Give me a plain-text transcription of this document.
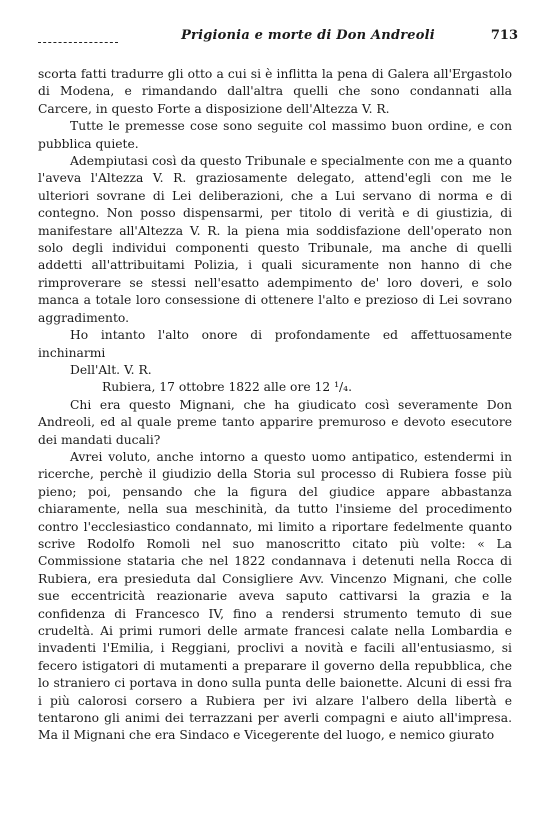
Prigionia e morte di Don Andreoli	713

scorta fatti tradurre gli otto a cui si è inflitta la pena di Galera all'Ergastolo di Modena, e rimandando dall'altra quelli che sono condannati alla Carcere, in questo Forte a disposizione dell'Altezza V. R.

Tutte le premesse cose sono seguite col massimo buon ordine, e con pubblica quiete.

Adempiutasi così da questo Tribunale e specialmente con me a quanto l'aveva l'Altezza V. R. graziosamente delegato, attend'egli con me le ulteriori sovrane di Lei deliberazioni, che a Lui servano di norma e di contegno. Non posso dispensarmi, per titolo di verità e di giustizia, di manifestare all'Altezza V. R. la piena mia soddisfazione dell'operato non solo degli individui componenti questo Tribunale, ma anche di quelli addetti all'attribuitami Polizia, i quali sicuramente non hanno di che rimproverare se stessi nell'esatto adempimento de' loro doveri, e solo manca a totale loro consessione di ottenere l'alto e prezioso di Lei sovrano aggradimento.

Ho intanto l'alto onore di profondamente ed affettuosamente inchinarmi

Dell'Alt. V. R.

Rubiera, 17 ottobre 1822 alle ore 12 ¹/₄.

Chi era questo Mignani, che ha giudicato così severamente Don Andreoli, ed al quale preme tanto apparire premuroso e devoto esecutore dei mandati ducali?

Avrei voluto, anche intorno a questo uomo antipatico, estendermi in ricerche, perchè il giudizio della Storia sul processo di Rubiera fosse più pieno; poi, pensando che la figura del giudice appare abbastanza chiaramente, nella sua meschinità, da tutto l'insieme del procedimento contro l'ecclesiastico condannato, mi limito a riportare fedelmente quanto scrive Rodolfo Romoli nel suo manoscritto citato più volte: « La Commissione stataria che nel 1822 condannava i detenuti nella Rocca di Rubiera, era presieduta dal Consigliere Avv. Vincenzo Mignani, che colle sue eccentricità reazionarie aveva saputo cattivarsi la grazia e la confidenza di Francesco IV, fino a rendersi strumento temuto di sue crudeltà. Ai primi rumori delle armate francesi calate nella Lombardia e invadenti l'Emilia, i Reggiani, proclivi a novità e facili all'entusiasmo, si fecero istigatori di mutamenti a preparare il governo della repubblica, che lo straniero ci portava in dono sulla punta delle baionette. Alcuni di essi fra i più calorosi corsero a Rubiera per ivi alzare l'albero della libertà e tentarono gli animi dei terrazzani per averli compagni e aiuto all'impresa. Ma il Mignani che era Sindaco e Vicegerente del luogo, e nemico giurato
